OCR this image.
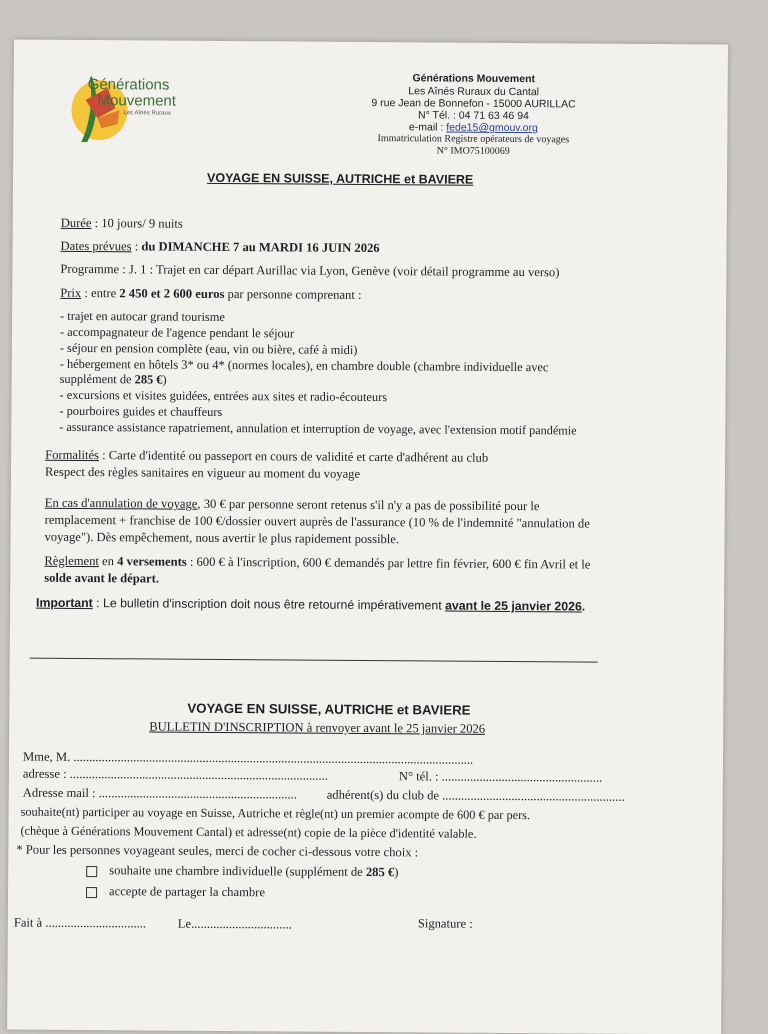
Générations
Mouvement
Les Aînés Ruraux
Générations Mouvement
Les Aînés Ruraux du Cantal
9 rue Jean de Bonnefon - 15000 AURILLAC
N° Tél. : 04 71 63 46 94
e-mail : fede15@gmouv.org
Immatriculation Registre opérateurs de voyages
N° IMO75100069
VOYAGE EN SUISSE, AUTRICHE et BAVIERE
Durée : 10 jours/ 9 nuits
Dates prévues : du DIMANCHE 7 au MARDI 16 JUIN 2026
Programme : J. 1 : Trajet en car départ Aurillac via Lyon, Genève (voir détail programme au verso)
Prix : entre 2 450 et 2 600 euros par personne comprenant :
- trajet en autocar grand tourisme
- accompagnateur de l'agence pendant le séjour
- séjour en pension complète (eau, vin ou bière, café à midi)
- hébergement en hôtels 3* ou 4* (normes locales), en chambre double (chambre individuelle avec
supplément de 285 €)
- excursions et visites guidées, entrées aux sites et radio-écouteurs
- pourboires guides et chauffeurs
- assurance assistance rapatriement, annulation et interruption de voyage, avec l'extension motif pandémie
Formalités : Carte d'identité ou passeport en cours de validité et carte d'adhérent au club
Respect des règles sanitaires en vigueur au moment du voyage
En cas d'annulation de voyage, 30 € par personne seront retenus s'il n'y a pas de possibilité pour le
remplacement + franchise de 100 €/dossier ouvert auprès de l'assurance (10 % de l'indemnité "annulation de
voyage"). Dès empêchement, nous avertir le plus rapidement possible.
Règlement en 4 versements : 600 € à l'inscription, 600 € demandés par lettre fin février, 600 € fin Avril et le
solde avant le départ.
Important : Le bulletin d'inscription doit nous être retourné impérativement avant le 25 janvier 2026.
VOYAGE EN SUISSE, AUTRICHE et BAVIERE
BULLETIN D'INSCRIPTION à renvoyer avant le 25 janvier 2026
Mme, M. ...............................................................................................................................
adresse : ..................................................................................	N° tél. : ...................................................
Adresse mail : ............................................................... adhérent(s) du club de ..........................................................
souhaite(nt) participer au voyage en Suisse, Autriche et règle(nt) un premier acompte de 600 € par pers.
(chèque à Générations Mouvement Cantal) et adresse(nt) copie de la pièce d'identité valable.
* Pour les personnes voyageant seules, merci de cocher ci-dessous votre choix :
souhaite une chambre individuelle (supplément de 285 €)
accepte de partager la chambre
Fait à ................................	Le................................	Signature :
